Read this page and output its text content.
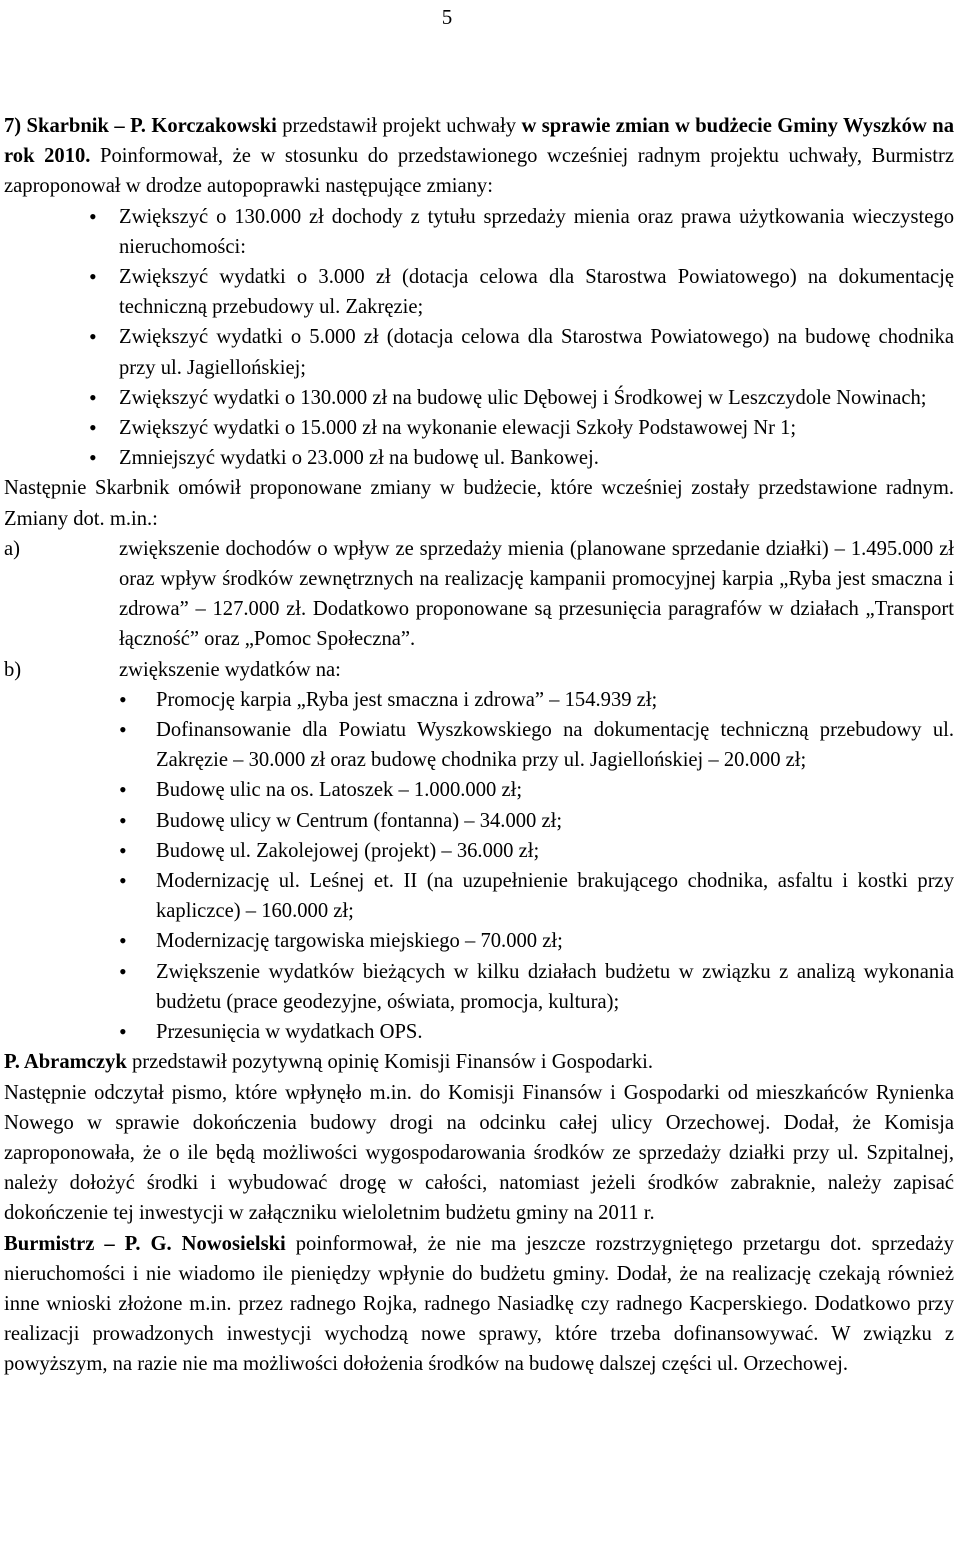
5

7) Skarbnik – P. Korczakowski przedstawił projekt uchwały w sprawie zmian w budżecie Gminy Wyszków na rok 2010. Poinformował, że w stosunku do przedstawionego wcześniej radnym projektu uchwały, Burmistrz zaproponował w drodze autopoprawki następujące zmiany:

• Zwiększyć o 130.000 zł dochody z tytułu sprzedaży mienia oraz prawa użytkowania wieczystego nieruchomości:
• Zwiększyć wydatki o 3.000 zł (dotacja celowa dla Starostwa Powiatowego) na dokumentację techniczną przebudowy ul. Zakręzie;
• Zwiększyć wydatki o 5.000 zł (dotacja celowa dla Starostwa Powiatowego) na budowę chodnika przy ul. Jagiellońskiej;
• Zwiększyć wydatki o 130.000 zł na budowę ulic Dębowej i Środkowej w Leszczydole Nowinach;
• Zwiększyć wydatki o 15.000 zł na wykonanie elewacji Szkoły Podstawowej Nr 1;
• Zmniejszyć wydatki o 23.000 zł na budowę ul. Bankowej.

Następnie Skarbnik omówił proponowane zmiany w budżecie, które wcześniej zostały przedstawione radnym. Zmiany dot. m.in.:

a)	zwiększenie dochodów o wpływ ze sprzedaży mienia (planowane sprzedanie działki) – 1.495.000 zł oraz wpływ środków zewnętrznych na realizację kampanii promocyjnej karpia „Ryba jest smaczna i zdrowa” – 127.000 zł. Dodatkowo proponowane są przesunięcia paragrafów w działach „Transport łączność” oraz „Pomoc Społeczna”.
b)	zwiększenie wydatków na:
• Promocję karpia „Ryba jest smaczna i zdrowa” – 154.939 zł;
• Dofinansowanie dla Powiatu Wyszkowskiego na dokumentację techniczną przebudowy ul. Zakręzie – 30.000 zł oraz budowę chodnika przy ul. Jagiellońskiej – 20.000 zł;
• Budowę ulic na os. Latoszek – 1.000.000 zł;
• Budowę ulicy w Centrum (fontanna) – 34.000 zł;
• Budowę ul. Zakolejowej (projekt) – 36.000 zł;
• Modernizację ul. Leśnej et. II (na uzupełnienie brakującego chodnika, asfaltu i kostki przy kapliczce) – 160.000 zł;
• Modernizację targowiska miejskiego – 70.000 zł;
• Zwiększenie wydatków bieżących w kilku działach budżetu w związku z analizą wykonania budżetu (prace geodezyjne, oświata, promocja, kultura);
• Przesunięcia w wydatkach OPS.

P. Abramczyk przedstawił pozytywną opinię Komisji Finansów i Gospodarki.

Następnie odczytał pismo, które wpłynęło m.in. do Komisji Finansów i Gospodarki od mieszkańców Rynienka Nowego w sprawie dokończenia budowy drogi na odcinku całej ulicy Orzechowej. Dodał, że Komisja zaproponowała, że o ile będą możliwości wygospodarowania środków ze sprzedaży działki przy ul. Szpitalnej, należy dołożyć środki i wybudować drogę w całości, natomiast jeżeli środków zabraknie, należy zapisać dokończenie tej inwestycji w załączniku wieloletnim budżetu gminy na 2011 r.

Burmistrz – P. G. Nowosielski poinformował, że nie ma jeszcze rozstrzygniętego przetargu dot. sprzedaży nieruchomości i nie wiadomo ile pieniędzy wpłynie do budżetu gminy. Dodał, że na realizację czekają również inne wnioski złożone m.in. przez radnego Rojka, radnego Nasiadkę czy radnego Kacperskiego. Dodatkowo przy realizacji prowadzonych inwestycji wychodzą nowe sprawy, które trzeba dofinansowywać. W związku z powyższym, na razie nie ma możliwości dołożenia środków na budowę dalszej części ul. Orzechowej.
